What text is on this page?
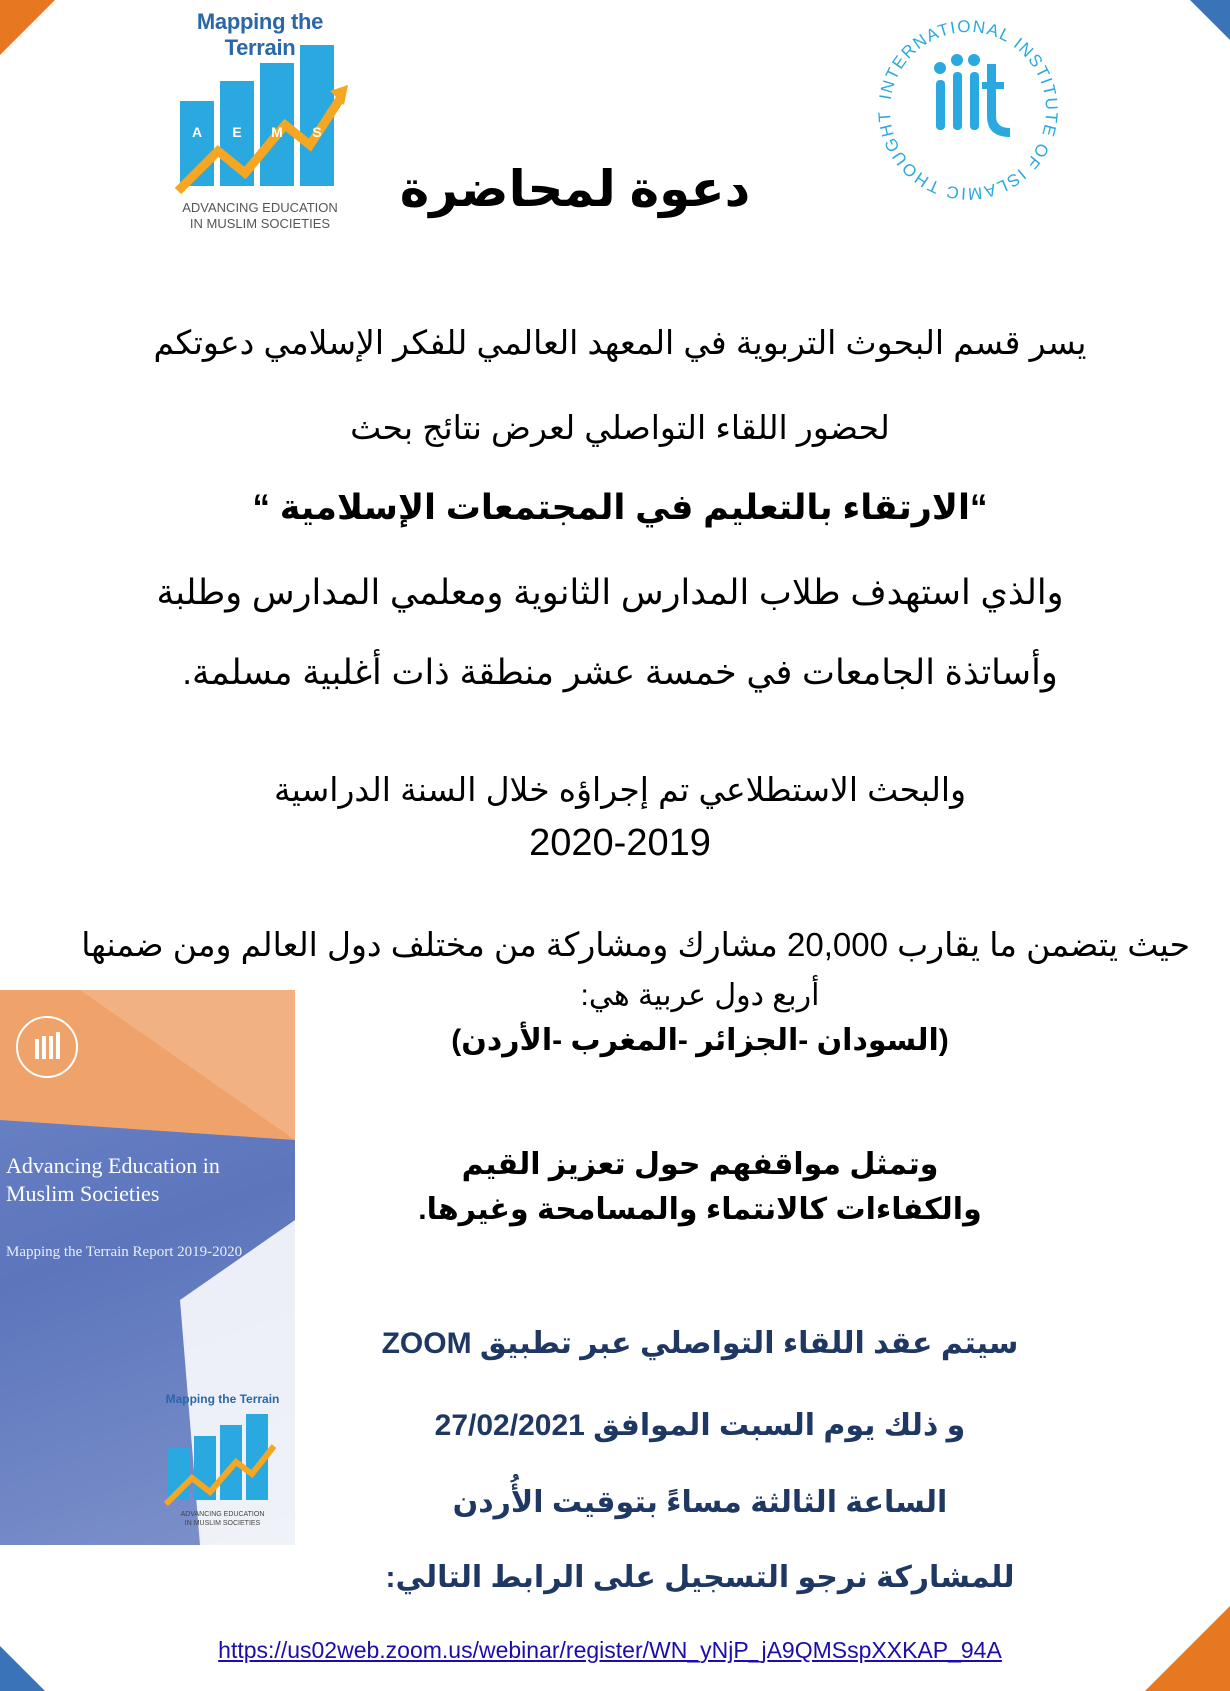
Mapping the Terrain
A E M S
ADVANCING EDUCATION
IN MUSLIM SOCIETIES
INTERNATIONAL INSTITUTE OF ISLAMIC THOUGHT
دعوة لمحاضرة
يسر قسم البحوث التربوية في المعهد العالمي للفكر الإسلامي دعوتكم
لحضور اللقاء التواصلي لعرض نتائج بحث
“الارتقاء بالتعليم في المجتمعات الإسلامية “
والذي استهدف طلاب المدارس الثانوية ومعلمي المدارس وطلبة
وأساتذة الجامعات في خمسة عشر منطقة ذات أغلبية مسلمة.
والبحث الاستطلاعي تم إجراؤه خلال السنة الدراسية
2020-2019
حيث يتضمن ما يقارب 20,000 مشارك ومشاركة من مختلف دول العالم ومن ضمنها
أربع دول عربية هي:
(السودان -الجزائر -المغرب -الأردن)
وتمثل مواقفهم حول تعزيز القيم
والكفاءات كالانتماء والمسامحة وغيرها.
سيتم عقد اللقاء التواصلي عبر تطبيق ZOOM
و ذلك يوم السبت الموافق 27/02/2021
الساعة الثالثة مساءً بتوقيت الأُردن
للمشاركة نرجو التسجيل على الرابط التالي:
https://us02web.zoom.us/webinar/register/WN_yNjP_jA9QMSspXXKAP_94A
Advancing Education in Muslim Societies
Mapping the Terrain Report 2019-2020
Mapping the Terrain
ADVANCING EDUCATION
IN MUSLIM SOCIETIES
